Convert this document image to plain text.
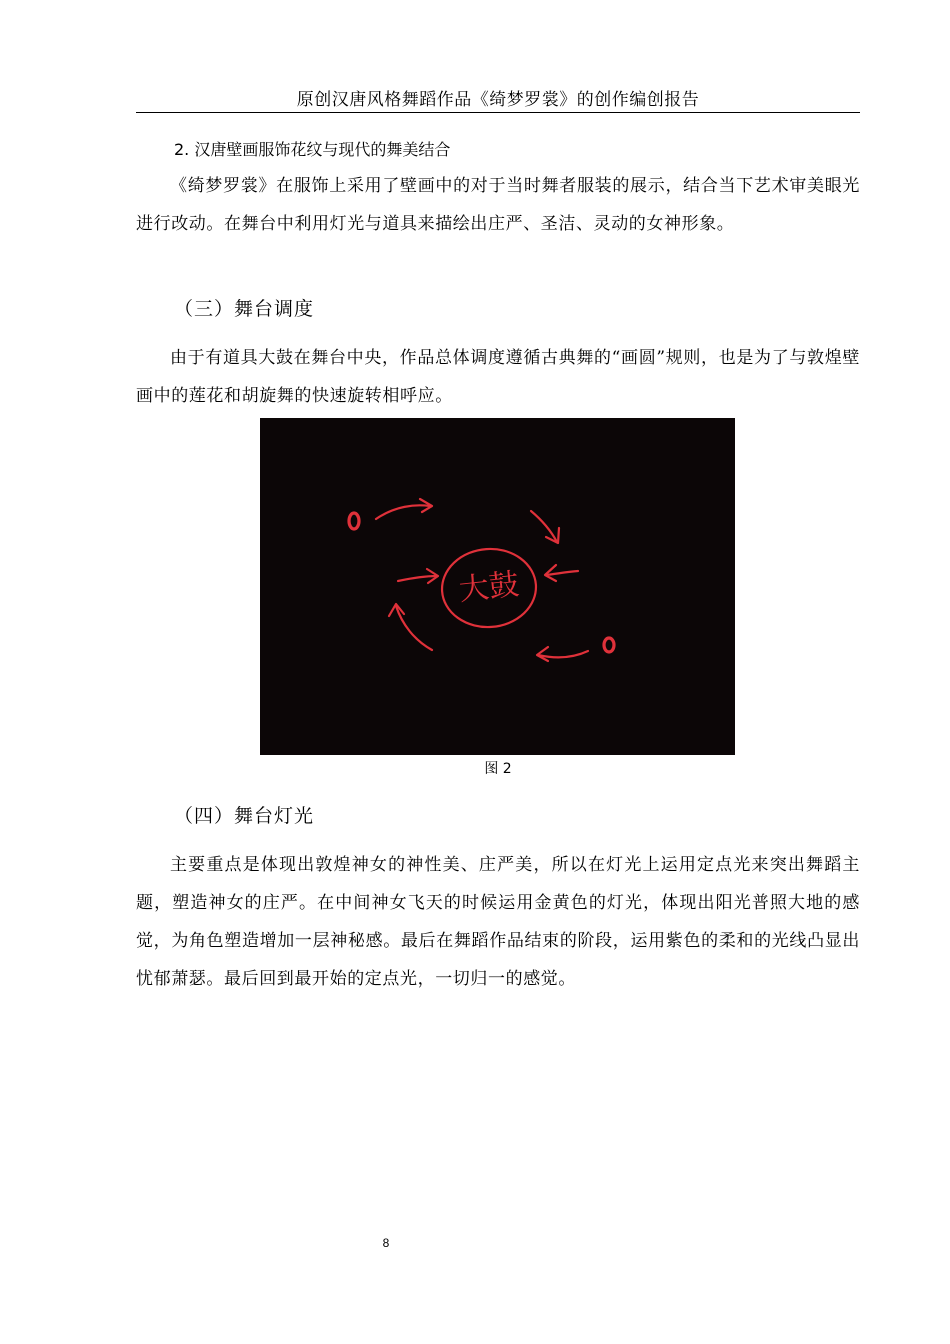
原创汉唐风格舞蹈作品《绮梦罗裳》的创作编创报告
2. 汉唐壁画服饰花纹与现代的舞美结合

《绮梦罗裳》在服饰上采用了壁画中的对于当时舞者服装的展示，结合当下艺术审美眼光进行改动。在舞台中利用灯光与道具来描绘出庄严、圣洁、灵动的女神形象。

（三）舞台调度

由于有道具大鼓在舞台中央，作品总体调度遵循古典舞的“画圆”规则，也是为了与敦煌壁画中的莲花和胡旋舞的快速旋转相呼应。

大鼓
图 2
（四）舞台灯光

主要重点是体现出敦煌神女的神性美、庄严美，所以在灯光上运用定点光来突出舞蹈主题，塑造神女的庄严。在中间神女飞天的时候运用金黄色的灯光，体现出阳光普照大地的感觉，为角色塑造增加一层神秘感。最后在舞蹈作品结束的阶段，运用紫色的柔和的光线凸显出忧郁萧瑟。最后回到最开始的定点光，一切归一的感觉。

8
